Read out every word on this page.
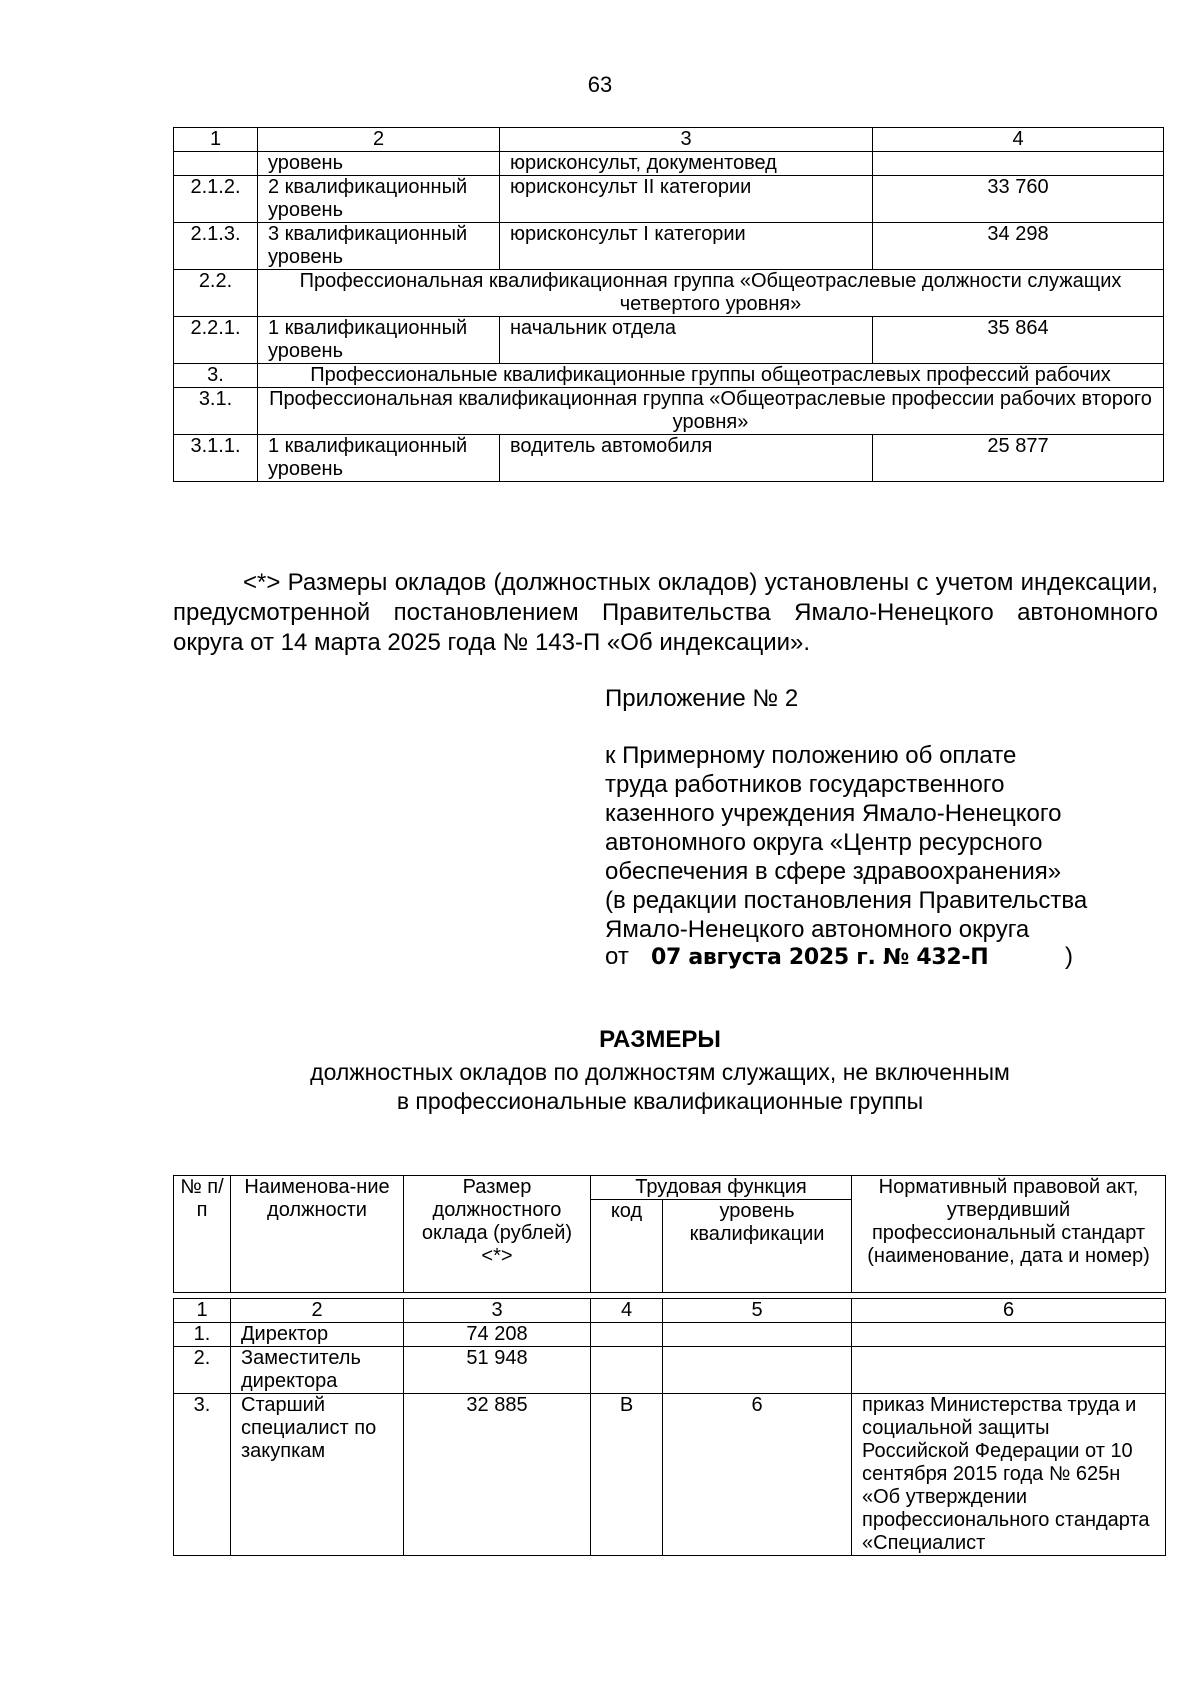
63
1	2	3	4
	уровень	юрисконсульт, документовед	
2.1.2.	2 квалификационный уровень	юрисконсульт II категории	33 760
2.1.3.	3 квалификационный уровень	юрисконсульт I категории	34 298
2.2.	Профессиональная квалификационная группа «Общеотраслевые должности служащих четвертого уровня»		
2.2.1.	1 квалификационный уровень	начальник отдела	35 864
3.	Профессиональные квалификационные группы общеотраслевых профессий рабочих		
3.1.	Профессиональная квалификационная группа «Общеотраслевые профессии рабочих второго уровня»		
3.1.1.	1 квалификационный уровень	водитель автомобиля	25 877
<*> Размеры окладов (должностных окладов) установлены с учетом индексации, предусмотренной постановлением Правительства Ямало-Ненецкого автономного округа от 14 марта 2025 года № 143-П «Об индексации».
Приложение № 2
к Примерному положению об оплате
труда работников государственного
казенного учреждения Ямало-Ненецкого
автономного округа «Центр ресурсного
обеспечения в сфере здравоохранения»
(в редакции постановления Правительства
Ямало-Ненецкого автономного округа
от 07 августа 2025 г. № 432-П	)
РАЗМЕРЫ
должностных окладов по должностям служащих, не включенным
в профессиональные квалификационные группы
№ п/п	Наименова-ние должности	Размер должностного оклада (рублей) <*>	Трудовая функция		Нормативный правовой акт, утвердивший профессиональный стандарт (наименование, дата и номер)
			код	уровень квалификации	
1	2	3	4	5	6
1.	Директор	74 208			
2.	Заместитель директора	51 948			
3.	Старший специалист по закупкам	32 885	В	6	приказ Министерства труда и социальной защиты Российской Федерации от 10 сентября 2015 года № 625н «Об утверждении профессионального стандарта «Специалист
